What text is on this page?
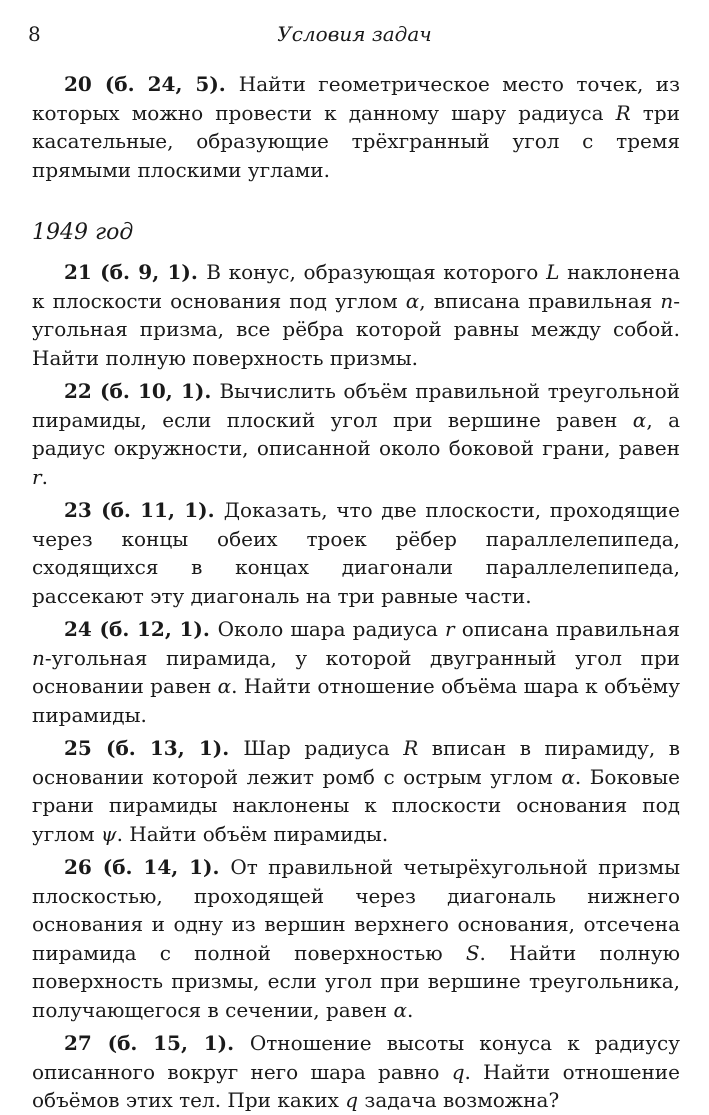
8	Условия задач

20 (б. 24, 5). Найти геометрическое место точек, из которых можно провести к данному шару радиуса R три касательные, образующие трёхгранный угол с тремя прямыми плоскими углами.

1949 год

21 (б. 9, 1). В конус, образующая которого L наклонена к плоскости основания под углом α, вписана правильная n-угольная призма, все рёбра которой равны между собой. Найти полную поверхность призмы.

22 (б. 10, 1). Вычислить объём правильной треугольной пирамиды, если плоский угол при вершине равен α, а радиус окружности, описанной около боковой грани, равен r.

23 (б. 11, 1). Доказать, что две плоскости, проходящие через концы обеих троек рёбер параллелепипеда, сходящихся в концах диагонали параллелепипеда, рассекают эту диагональ на три равные части.

24 (б. 12, 1). Около шара радиуса r описана правильная n-угольная пирамида, у которой двугранный угол при основании равен α. Найти отношение объёма шара к объёму пирамиды.

25 (б. 13, 1). Шар радиуса R вписан в пирамиду, в основании которой лежит ромб с острым углом α. Боковые грани пирамиды наклонены к плоскости основания под углом ψ. Найти объём пирамиды.

26 (б. 14, 1). От правильной четырёхугольной призмы плоскостью, проходящей через диагональ нижнего основания и одну из вершин верхнего основания, отсечена пирамида с полной поверхностью S. Найти полную поверхность призмы, если угол при вершине треугольника, получающегося в сечении, равен α.

27 (б. 15, 1). Отношение высоты конуса к радиусу описанного вокруг него шара равно q. Найти отношение объёмов этих тел. При каких q задача возможна?
